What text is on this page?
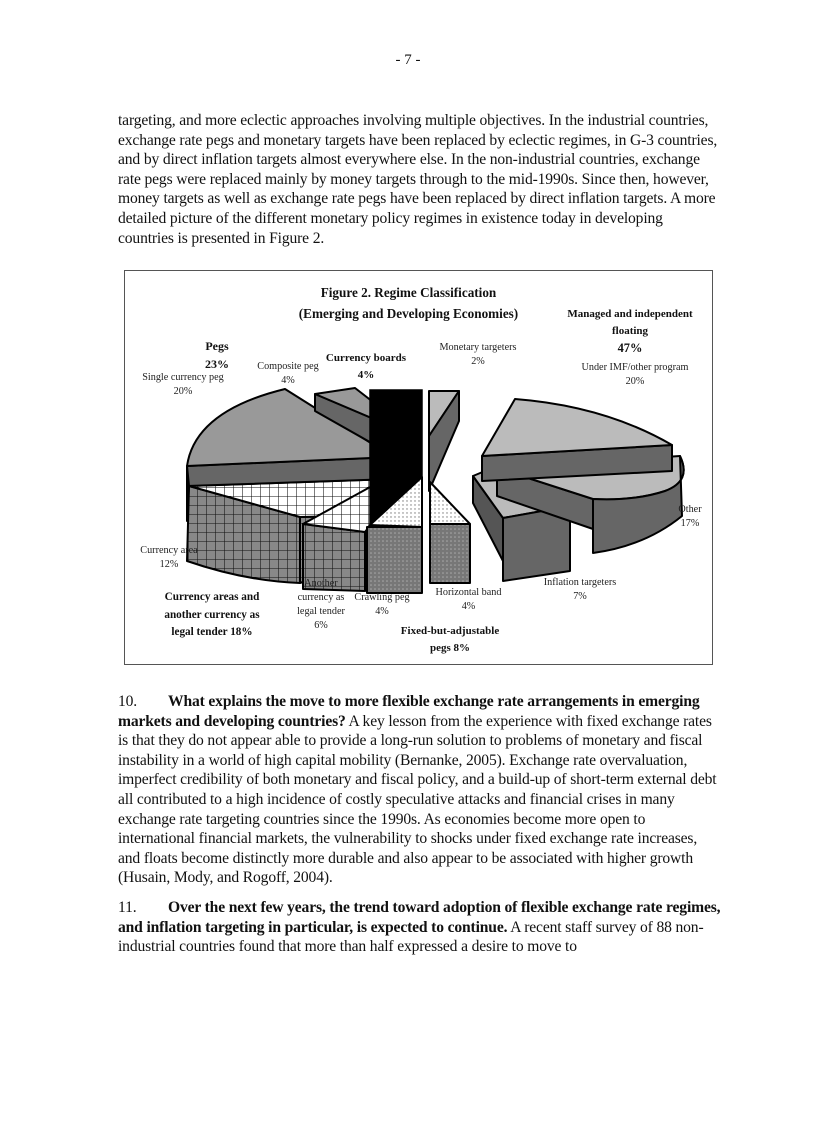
- 7 -

targeting, and more eclectic approaches involving multiple objectives. In the industrial countries, exchange rate pegs and monetary targets have been replaced by eclectic regimes, in G-3 countries, and by direct inflation targets almost everywhere else. In the non-industrial countries, exchange rate pegs were replaced mainly by money targets through to the mid-1990s. Since then, however, money targets as well as exchange rate pegs have been replaced by direct inflation targets. A more detailed picture of the different monetary policy regimes in existence today in developing countries is presented in Figure 2.

Figure 2. Regime Classification
(Emerging and Developing Economies)
Pegs
23%
Single currency peg
20%
Composite peg
4%
Currency boards
4%
Monetary targeters
2%
Managed and independent
floating
47%
Under IMF/other program
20%
Other
17%
Inflation targeters
7%
Horizontal band
4%
Crawling peg
4%
Fixed-but-adjustable
pegs 8%
Another
currency as
legal tender
6%
Currency area
12%
Currency areas and
another currency as
legal tender 18%

10. What explains the move to more flexible exchange rate arrangements in emerging markets and developing countries? A key lesson from the experience with fixed exchange rates is that they do not appear able to provide a long-run solution to problems of monetary and fiscal instability in a world of high capital mobility (Bernanke, 2005). Exchange rate overvaluation, imperfect credibility of both monetary and fiscal policy, and a build-up of short-term external debt all contributed to a high incidence of costly speculative attacks and financial crises in many exchange rate targeting countries since the 1990s. As economies become more open to international financial markets, the vulnerability to shocks under fixed exchange rate increases, and floats become distinctly more durable and also appear to be associated with higher growth (Husain, Mody, and Rogoff, 2004).

11. Over the next few years, the trend toward adoption of flexible exchange rate regimes, and inflation targeting in particular, is expected to continue. A recent staff survey of 88 non-industrial countries found that more than half expressed a desire to move to
